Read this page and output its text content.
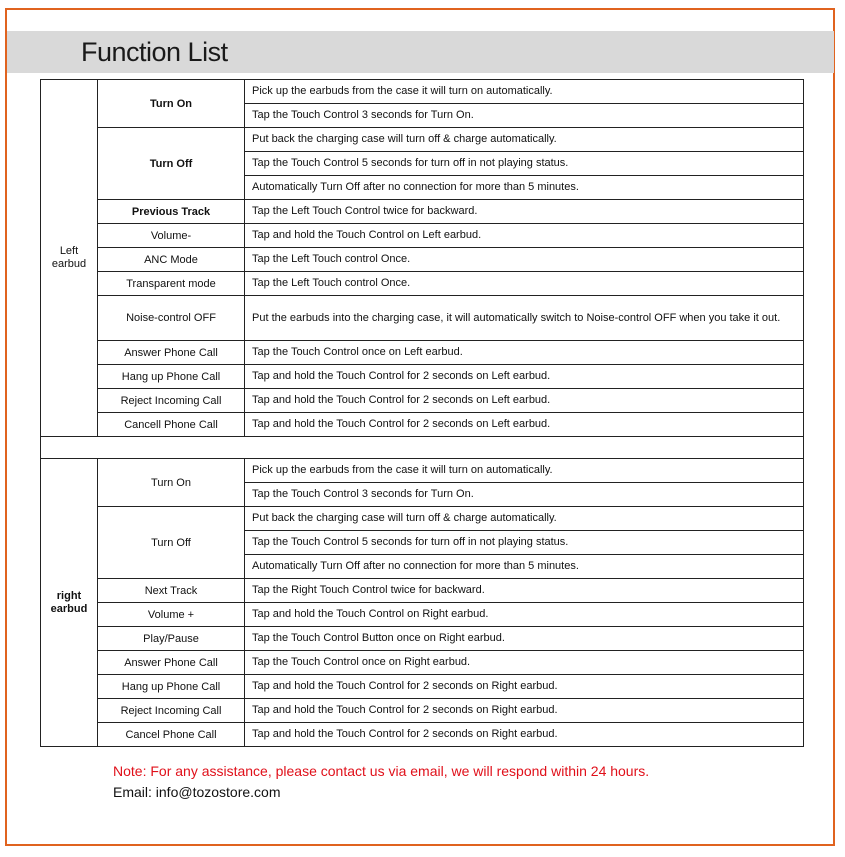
Function List
Left
earbud	Turn On	Pick up the earbuds from the case it will turn on automatically.
		Tap the Touch Control 3 seconds for Turn On.
	Turn Off	Put back the charging case will turn off & charge automatically.
		Tap the Touch Control 5 seconds for turn off in not playing status.
		Automatically Turn Off after no connection for more than 5 minutes.
	Previous Track	Tap the Left Touch Control twice for backward.
	Volume-	Tap and hold the Touch Control on Left earbud.
	ANC Mode	Tap the Left Touch control Once.
	Transparent mode	Tap the Left Touch control Once.
	Noise-control OFF	Put the earbuds into the charging case, it will automatically switch to Noise-control OFF when you take it out.
	Answer Phone Call	Tap the Touch Control once on Left earbud.
	Hang up Phone Call	Tap and hold the Touch Control for 2 seconds on Left earbud.
	Reject Incoming Call	Tap and hold the Touch Control for 2 seconds on Left earbud.
	Cancell Phone Call	Tap and hold the Touch Control for 2 seconds on Left earbud.

right
earbud	Turn On	Pick up the earbuds from the case it will turn on automatically.
		Tap the Touch Control 3 seconds for Turn On.
	Turn Off	Put back the charging case will turn off & charge automatically.
		Tap the Touch Control 5 seconds for turn off in not playing status.
		Automatically Turn Off after no connection for more than 5 minutes.
	Next Track	Tap the Right Touch Control twice for backward.
	Volume +	Tap and hold the Touch Control on Right earbud.
	Play/Pause	Tap the Touch Control Button once on Right earbud.
	Answer Phone Call	Tap the Touch Control once on Right earbud.
	Hang up Phone Call	Tap and hold the Touch Control for 2 seconds on Right earbud.
	Reject Incoming Call	Tap and hold the Touch Control for 2 seconds on Right earbud.
	Cancel Phone Call	Tap and hold the Touch Control for 2 seconds on Right earbud.
Note: For any assistance, please contact us via email, we will respond within 24 hours.
Email: info@tozostore.com
